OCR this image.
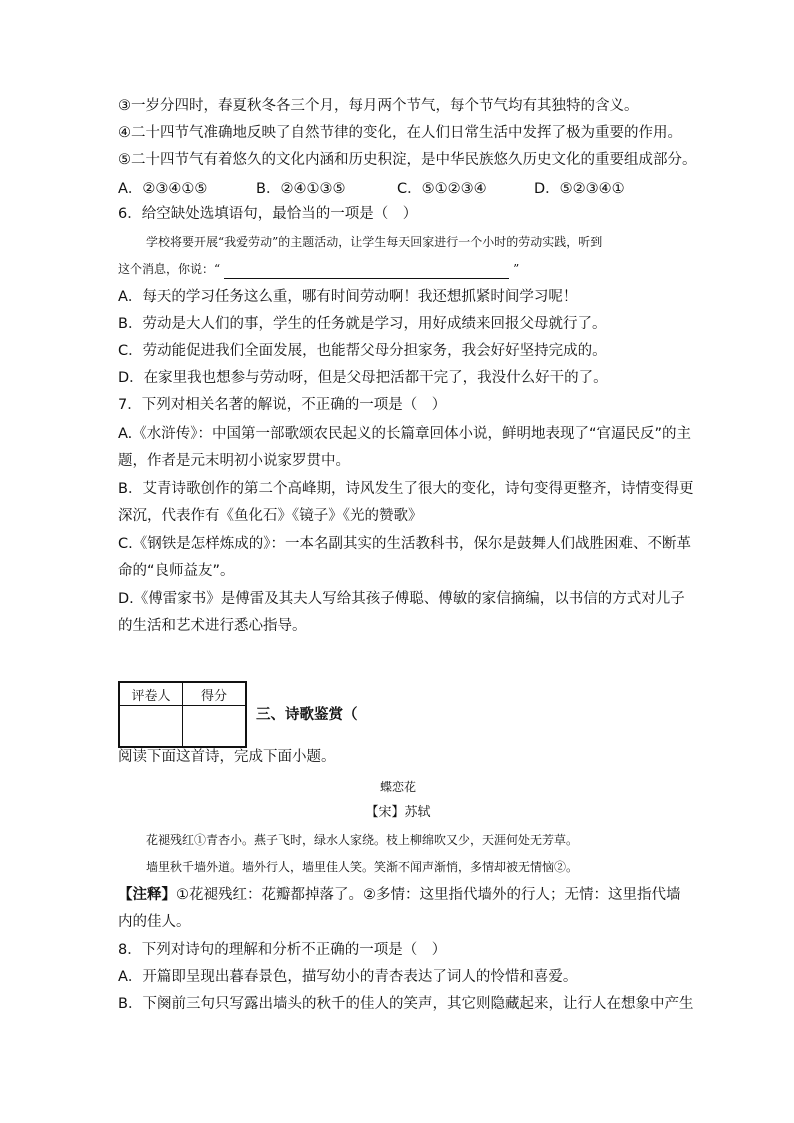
③一岁分四时，春夏秋冬各三个月，每月两个节气，每个节气均有其独特的含义。
④二十四节气准确地反映了自然节律的变化，在人们日常生活中发挥了极为重要的作用。
⑤二十四节气有着悠久的文化内涵和历史积淀，是中华民族悠久历史文化的重要组成部分。
A．②③④①⑤	B．②④①③⑤	C．⑤①②③④	D．⑤②③④①
6．给空缺处选填语句，最恰当的一项是（　）
学校将要开展“我爱劳动”的主题活动，让学生每天回家进行一个小时的劳动实践，听到
这个消息，你说：“	”
A．每天的学习任务这么重，哪有时间劳动啊！我还想抓紧时间学习呢！
B．劳动是大人们的事，学生的任务就是学习，用好成绩来回报父母就行了。
C．劳动能促进我们全面发展，也能帮父母分担家务，我会好好坚持完成的。
D．在家里我也想参与劳动呀，但是父母把活都干完了，我没什么好干的了。
7．下列对相关名著的解说，不正确的一项是（　）
A.《水浒传》：中国第一部歌颂农民起义的长篇章回体小说，鲜明地表现了“官逼民反”的主
题，作者是元末明初小说家罗贯中。
B．艾青诗歌创作的第二个高峰期，诗风发生了很大的变化，诗句变得更整齐，诗情变得更
深沉，代表作有《鱼化石》《镜子》《光的赞歌》
C.《钢铁是怎样炼成的》：一本名副其实的生活教科书，保尔是鼓舞人们战胜困难、不断革
命的“良师益友”。
D.《傅雷家书》是傅雷及其夫人写给其孩子傅聪、傅敏的家信摘编，以书信的方式对儿子
的生活和艺术进行悉心指导。
评卷人	得分

三、诗歌鉴赏（
阅读下面这首诗，完成下面小题。
蝶恋花
【宋】苏轼
花褪残红①青杏小。燕子飞时，绿水人家绕。枝上柳绵吹又少，天涯何处无芳草。
墙里秋千墙外道。墙外行人，墙里佳人笑。笑渐不闻声渐悄，多情却被无情恼②。
【注释】①花褪残红：花瓣都掉落了。②多情：这里指代墙外的行人；无情：这里指代墙
内的佳人。
8．下列对诗句的理解和分析不正确的一项是（　）
A．开篇即呈现出暮春景色，描写幼小的青杏表达了词人的怜惜和喜爱。
B．下阕前三句只写露出墙头的秋千的佳人的笑声，其它则隐藏起来，让行人在想象中产生
